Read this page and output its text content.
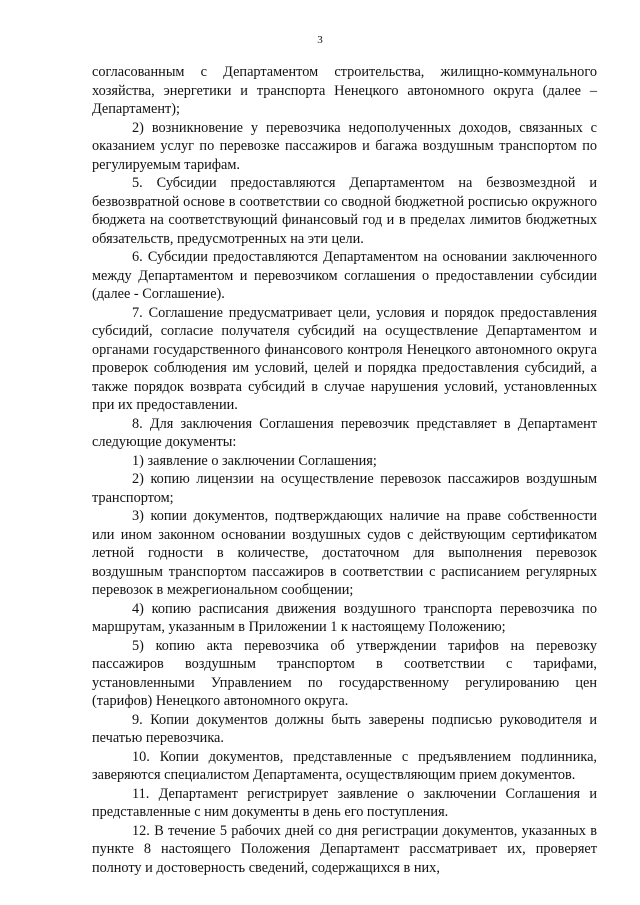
3

согласованным с Департаментом строительства, жилищно-коммунального хозяйства, энергетики и транспорта Ненецкого автономного округа (далее – Департамент);

2) возникновение у перевозчика недополученных доходов, связанных с оказанием услуг по перевозке пассажиров и багажа воздушным транспортом по регулируемым тарифам.

5. Субсидии предоставляются Департаментом на безвозмездной и безвозвратной основе в соответствии со сводной бюджетной росписью окружного бюджета на соответствующий финансовый год и в пределах лимитов бюджетных обязательств, предусмотренных на эти цели.

6. Субсидии предоставляются Департаментом на основании заключенного между Департаментом и перевозчиком соглашения о предоставлении субсидии (далее - Соглашение).

7. Соглашение предусматривает цели, условия и порядок предоставления субсидий, согласие получателя субсидий на осуществление Департаментом и органами государственного финансового контроля Ненецкого автономного округа проверок соблюдения им условий, целей и порядка предоставления субсидий, а также порядок возврата субсидий в случае нарушения условий, установленных при их предоставлении.

8. Для заключения Соглашения перевозчик представляет в Департамент следующие документы:

1) заявление о заключении Соглашения;

2) копию лицензии на осуществление перевозок пассажиров воздушным транспортом;

3) копии документов, подтверждающих наличие на праве собственности или ином законном основании воздушных судов с действующим сертификатом летной годности в количестве, достаточном для выполнения перевозок воздушным транспортом пассажиров в соответствии с расписанием регулярных перевозок в межрегиональном сообщении;

4) копию расписания движения воздушного транспорта перевозчика по маршрутам, указанным в Приложении 1 к настоящему Положению;

5) копию акта перевозчика об утверждении тарифов на перевозку пассажиров воздушным транспортом в соответствии с тарифами, установленными Управлением по государственному регулированию цен (тарифов) Ненецкого автономного округа.

9. Копии документов должны быть заверены подписью руководителя и печатью перевозчика.

10. Копии документов, представленные с предъявлением подлинника, заверяются специалистом Департамента, осуществляющим прием документов.

11. Департамент регистрирует заявление о заключении Соглашения и представленные с ним документы в день его поступления.

12. В течение 5 рабочих дней со дня регистрации документов, указанных в пункте 8 настоящего Положения Департамент рассматривает их, проверяет полноту и достоверность сведений, содержащихся в них,
